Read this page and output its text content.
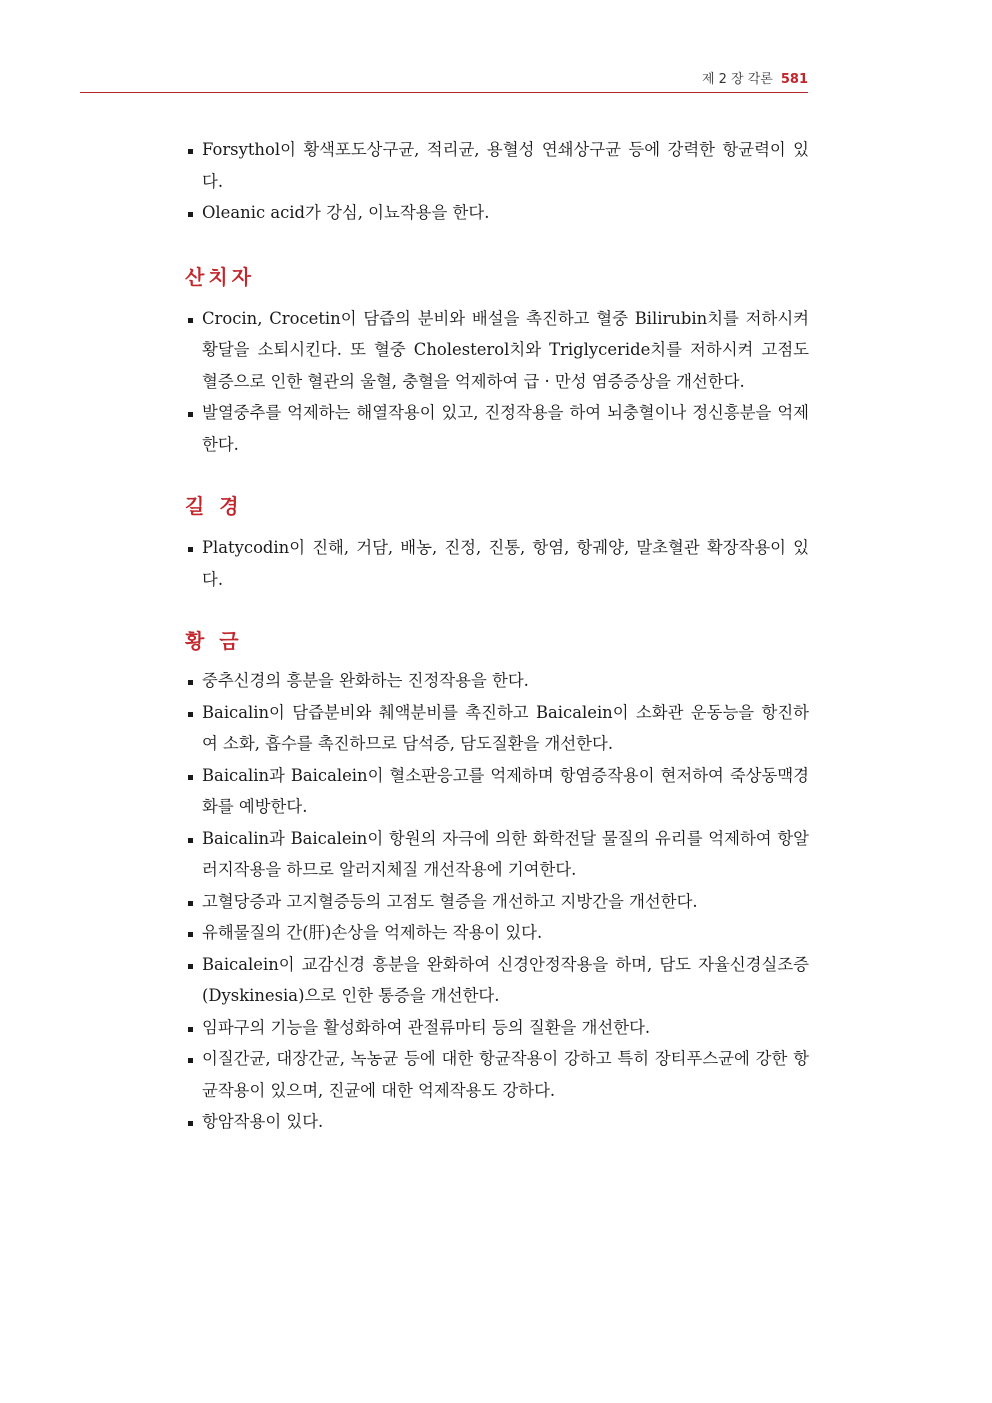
제 2 장 각론 581
Forsythol이 황색포도상구균, 적리균, 용혈성 연쇄상구균 등에 강력한 항균력이 있다.
Oleanic acid가 강심, 이뇨작용을 한다.
산치자
Crocin, Crocetin이 담즙의 분비와 배설을 촉진하고 혈중 Bilirubin치를 저하시켜 황달을 소퇴시킨다. 또 혈중 Cholesterol치와 Triglyceride치를 저하시켜 고점도 혈증으로 인한 혈관의 울혈, 충혈을 억제하여 급 · 만성 염증증상을 개선한다.
발열중추를 억제하는 해열작용이 있고, 진정작용을 하여 뇌충혈이나 정신흥분을 억제한다.
길 경
Platycodin이 진해, 거담, 배농, 진정, 진통, 항염, 항궤양, 말초혈관 확장작용이 있다.
황 금
중추신경의 흥분을 완화하는 진정작용을 한다.
Baicalin이 담즙분비와 췌액분비를 촉진하고 Baicalein이 소화관 운동능을 항진하여 소화, 흡수를 촉진하므로 담석증, 담도질환을 개선한다.
Baicalin과 Baicalein이 혈소판응고를 억제하며 항염증작용이 현저하여 죽상동맥경화를 예방한다.
Baicalin과 Baicalein이 항원의 자극에 의한 화학전달 물질의 유리를 억제하여 항알러지작용을 하므로 알러지체질 개선작용에 기여한다.
고혈당증과 고지혈증등의 고점도 혈증을 개선하고 지방간을 개선한다.
유해물질의 간(肝)손상을 억제하는 작용이 있다.
Baicalein이 교감신경 흥분을 완화하여 신경안정작용을 하며, 담도 자율신경실조증(Dyskinesia)으로 인한 통증을 개선한다.
임파구의 기능을 활성화하여 관절류마티 등의 질환을 개선한다.
이질간균, 대장간균, 녹농균 등에 대한 항균작용이 강하고 특히 장티푸스균에 강한 항균작용이 있으며, 진균에 대한 억제작용도 강하다.
항암작용이 있다.
